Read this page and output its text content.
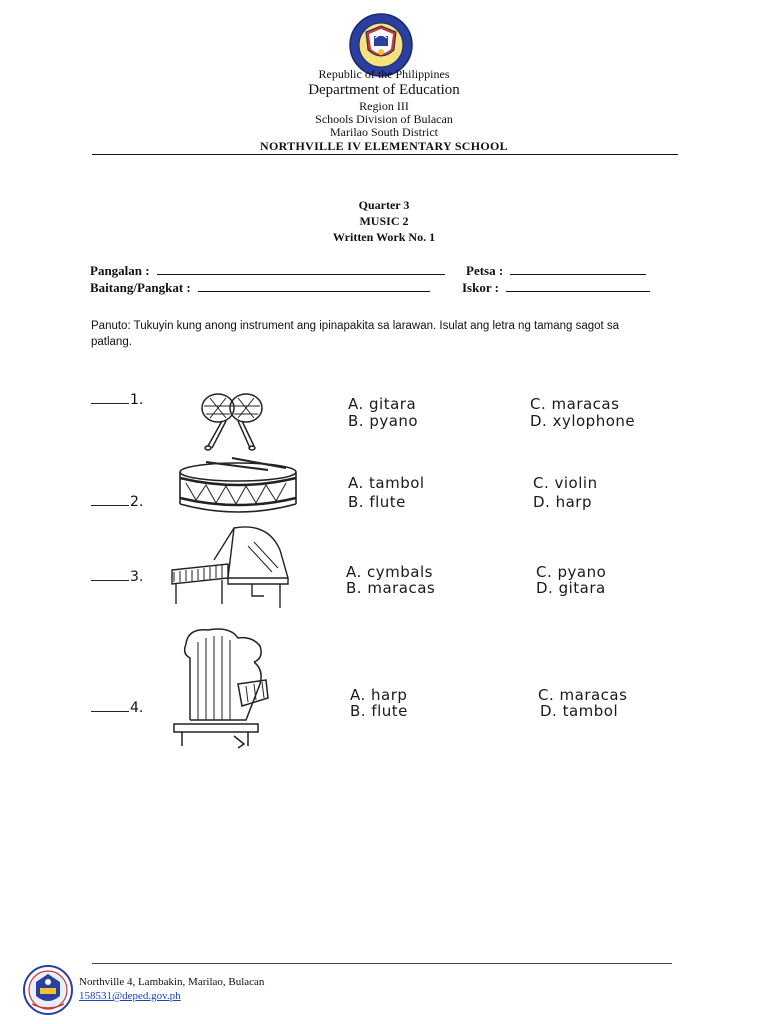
Republic of the Philippines
Department of Education
Region III
Schools Division of Bulacan
Marilao South District
NORTHVILLE IV ELEMENTARY SCHOOL
Quarter 3
MUSIC 2
Written Work No. 1
Pangalan :	Petsa :
Baitang/Pangkat :	Iskor :
Panuto: Tukuyin kung anong instrument ang ipinapakita sa larawan. Isulat ang letra ng tamang sagot sa
patlang.
1.	A. gitara
B. pyano
C. maracas
D. xylophone
2.
A. tambol
B. flute
C. violin
D. harp
3.	A. cymbals
B. maracas
C. pyano
D. gitara
4.
A. harp
B. flute
C. maracas
D. tambol
Northville 4, Lambakin, Marilao, Bulacan
158531@deped.gov.ph
